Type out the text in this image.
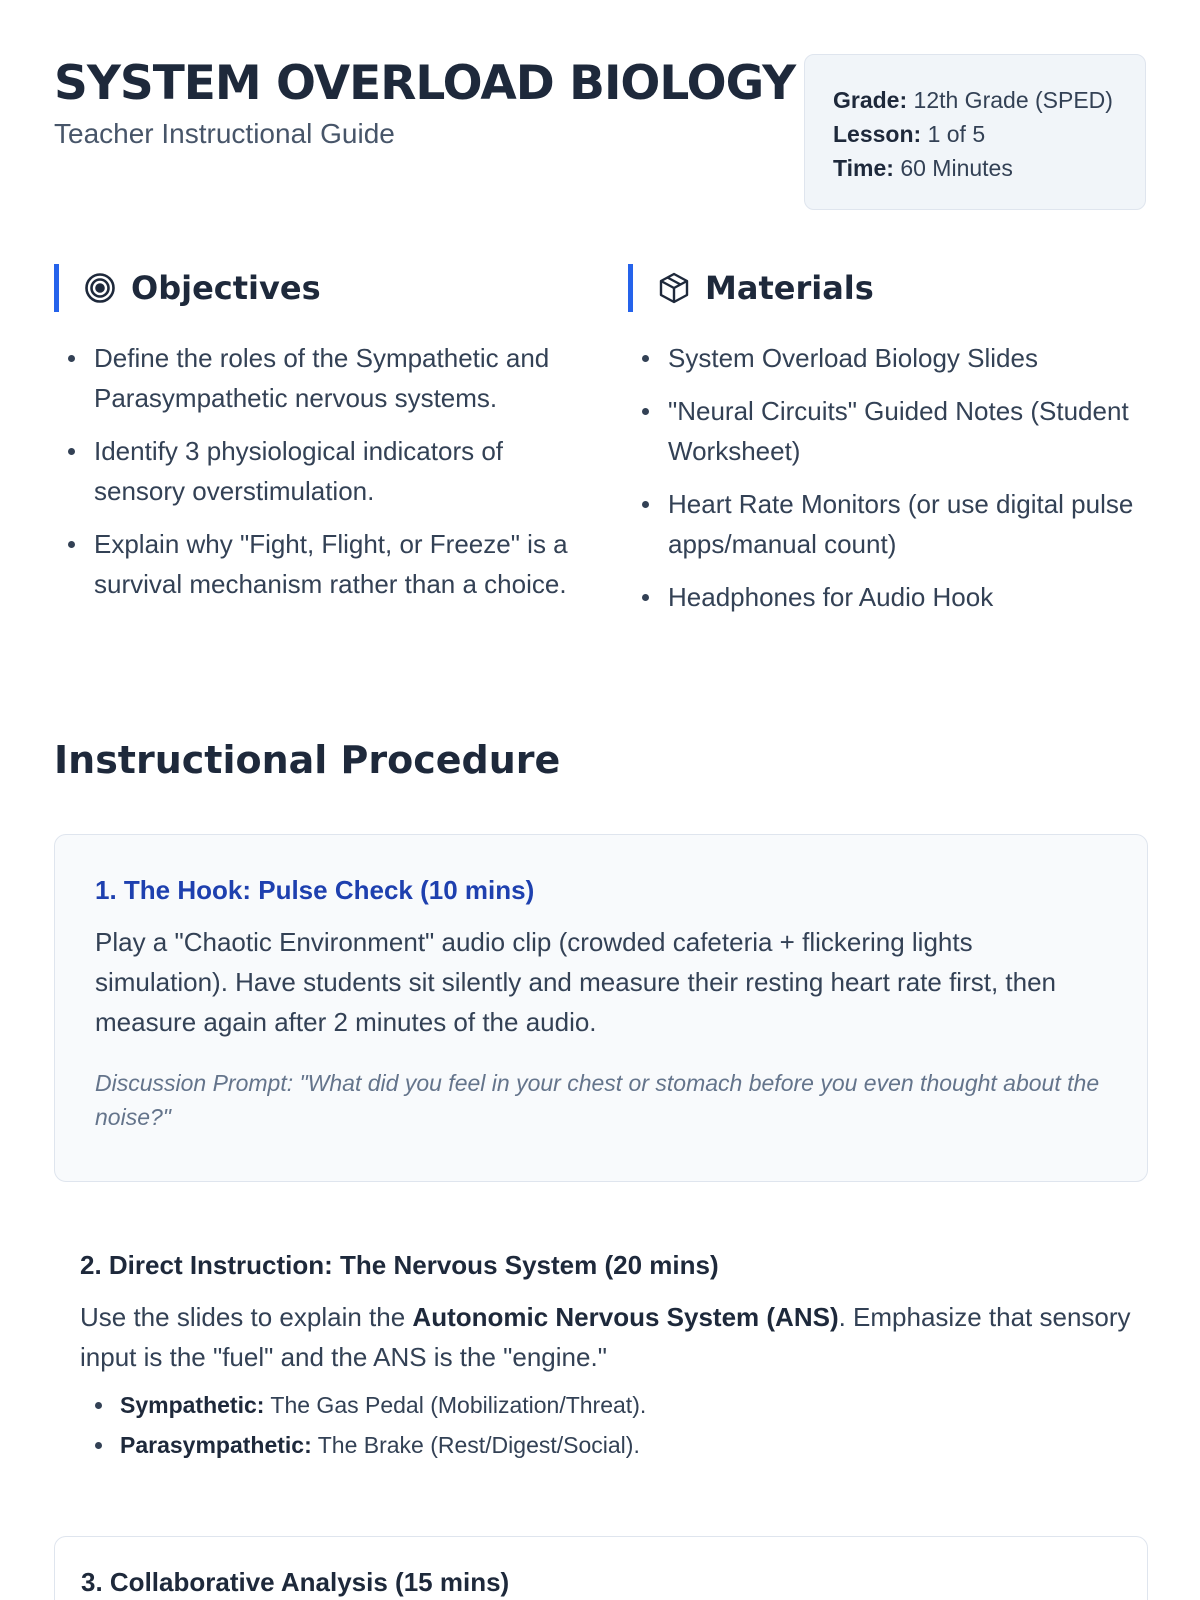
SYSTEM OVERLOAD BIOLOGY
Teacher Instructional Guide
Grade: 12th Grade (SPED)
Lesson: 1 of 5
Time: 60 Minutes
Objectives
Define the roles of the Sympathetic and Parasympathetic nervous systems.
Identify 3 physiological indicators of sensory overstimulation.
Explain why "Fight, Flight, or Freeze" is a survival mechanism rather than a choice.
Materials
System Overload Biology Slides
"Neural Circuits" Guided Notes (Student Worksheet)
Heart Rate Monitors (or use digital pulse apps/manual count)
Headphones for Audio Hook
Instructional Procedure
1. The Hook: Pulse Check (10 mins)

Play a "Chaotic Environment" audio clip (crowded cafeteria + flickering lights simulation). Have students sit silently and measure their resting heart rate first, then measure again after 2 minutes of the audio.

Discussion Prompt: "What did you feel in your chest or stomach before you even thought about the noise?"

2. Direct Instruction: The Nervous System (20 mins)

Use the slides to explain the Autonomic Nervous System (ANS). Emphasize that sensory input is the "fuel" and the ANS is the "engine."

Sympathetic: The Gas Pedal (Mobilization/Threat).
Parasympathetic: The Brake (Rest/Digest/Social).
3. Collaborative Analysis (15 mins)
